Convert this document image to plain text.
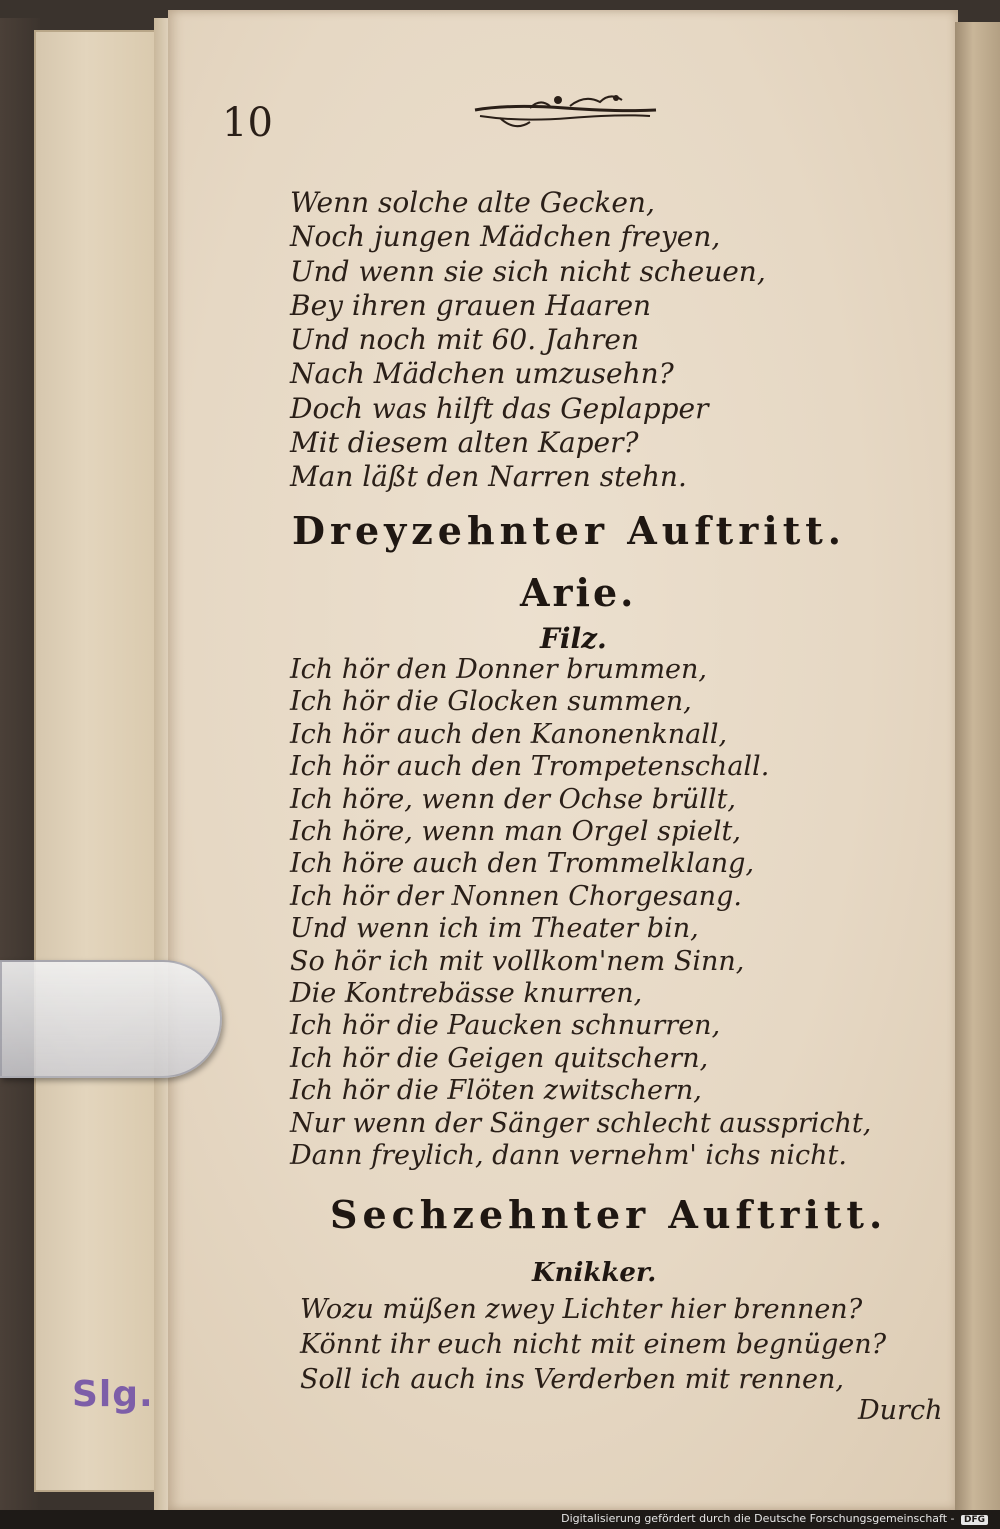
10
Wenn solche alte Gecken,
Noch jungen Mädchen freyen,
Und wenn sie sich nicht scheuen,
Bey ihren grauen Haaren
Und noch mit 60. Jahren
Nach Mädchen umzusehn?
Doch was hilft das Geplapper
Mit diesem alten Kaper?
Man läßt den Narren stehn.
Dreyzehnter Auftritt.
Arie.
Filz.
Ich hör den Donner brummen,
Ich hör die Glocken summen,
Ich hör auch den Kanonenknall,
Ich hör auch den Trompetenschall.
Ich höre, wenn der Ochse brüllt,
Ich höre, wenn man Orgel spielt,
Ich höre auch den Trommelklang,
Ich hör der Nonnen Chorgesang.
Und wenn ich im Theater bin,
So hör ich mit vollkom'nem Sinn,
Die Kontrebässe knurren,
Ich hör die Paucken schnurren,
Ich hör die Geigen quitschern,
Ich hör die Flöten zwitschern,
Nur wenn der Sänger schlecht ausspricht,
Dann freylich, dann vernehm' ichs nicht.
Sechzehnter Auftritt.
Knikker.
Wozu müßen zwey Lichter hier brennen?
Könnt ihr euch nicht mit einem begnügen?
Soll ich auch ins Verderben mit rennen,
Durch
Slg.
Digitalisierung gefördert durch die Deutsche Forschungsgemeinschaft - DFG
